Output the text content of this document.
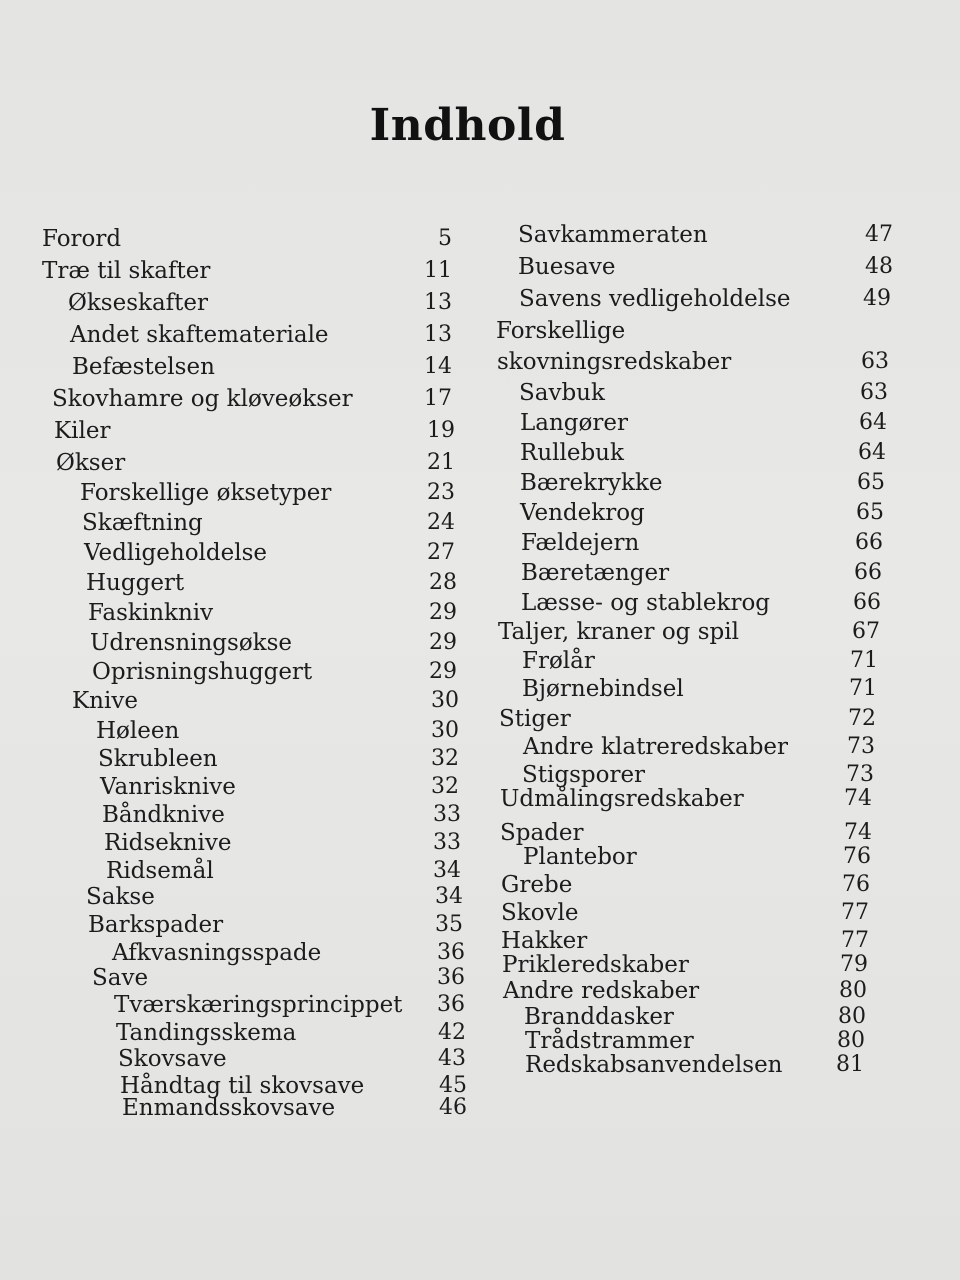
Indhold
Forord	5
Træ til skafter	11
Økseskafter	13
Andet skaftemateriale	13
Befæstelsen	14
Skovhamre og kløveøkser	17
Kiler	19
Økser	21
Forskellige øksetyper	23
Skæftning	24
Vedligeholdelse	27
Huggert	28
Faskinkniv	29
Udrensningsøkse	29
Oprisningshuggert	29
Knive	30
Høleen	30
Skrubleen	32
Vanrisknive	32
Båndknive	33
Ridseknive	33
Ridsemål	34
Sakse	34
Barkspader	35
Afkvasningsspade	36
Save	36
Tværskæringsprincippet	36
Tandingsskema	42
Skovsave	43
Håndtag til skovsave	45
Enmandsskovsave	46
Savkammeraten	47
Buesave	48
Savens vedligeholdelse	49
Forskellige
skovningsredskaber	63
Savbuk	63
Langører	64
Rullebuk	64
Bærekrykke	65
Vendekrog	65
Fældejern	66
Bæretænger	66
Læsse- og stablekrog	66
Taljer, kraner og spil	67
Frølår	71
Bjørnebindsel	71
Stiger	72
Andre klatreredskaber	73
Stigsporer	73
Udmålingsredskaber	74
Spader	74
Plantebor	76
Grebe	76
Skovle	77
Hakker	77
Prikleredskaber	79
Andre redskaber	80
Branddasker	80
Trådstrammer	80
Redskabsanvendelsen	81
